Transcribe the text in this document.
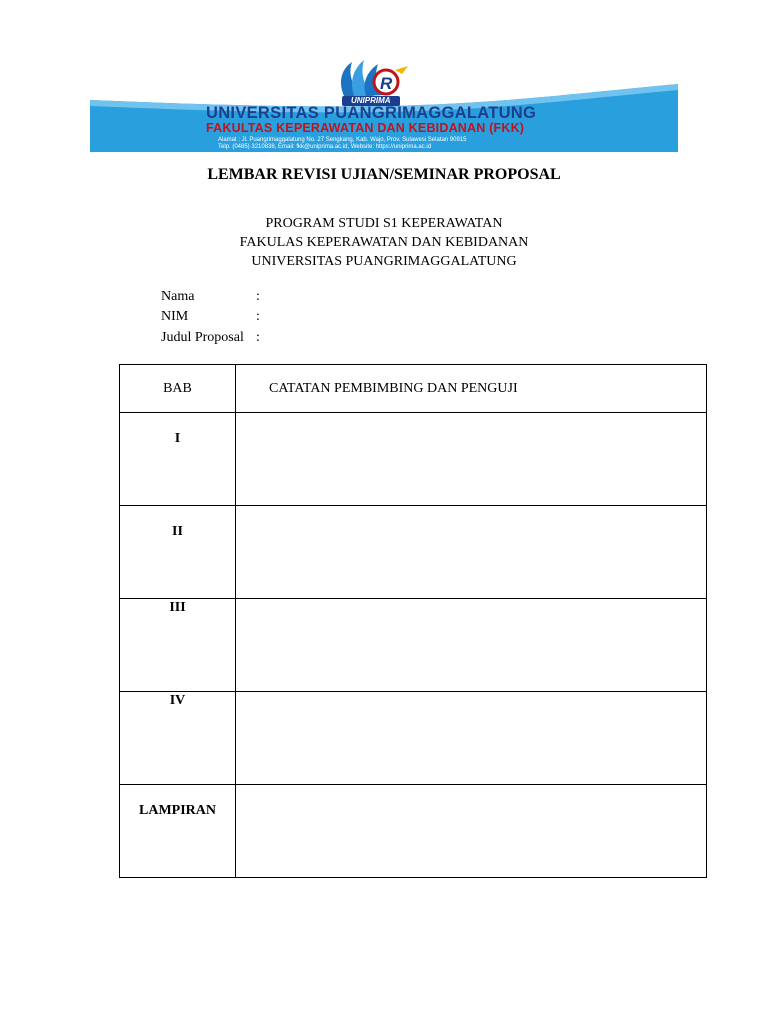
R
UNIPRIMA
UNIVERSITAS PUANGRIMAGGALATUNG
FAKULTAS KEPERAWATAN DAN KEBIDANAN (FKK)
Alamat : Jl. Puangrimaggalatung No. 27 Sengkang, Kab. Wajo, Prov. Sulawesi Selatan 90915
Telp. (0485) 3210838, Email: fkk@uniprima.ac.id, Website: https://uniprima.ac.id
LEMBAR REVISI UJIAN/SEMINAR PROPOSAL
PROGRAM STUDI S1 KEPERAWATAN
FAKULAS KEPERAWATAN DAN KEBIDANAN
UNIVERSITAS PUANGRIMAGGALATUNG
Nama	:
NIM	:
Judul Proposal :
BAB	CATATAN PEMBIMBING DAN PENGUJI

I	

II	

III	

IV	

LAMPIRAN	
